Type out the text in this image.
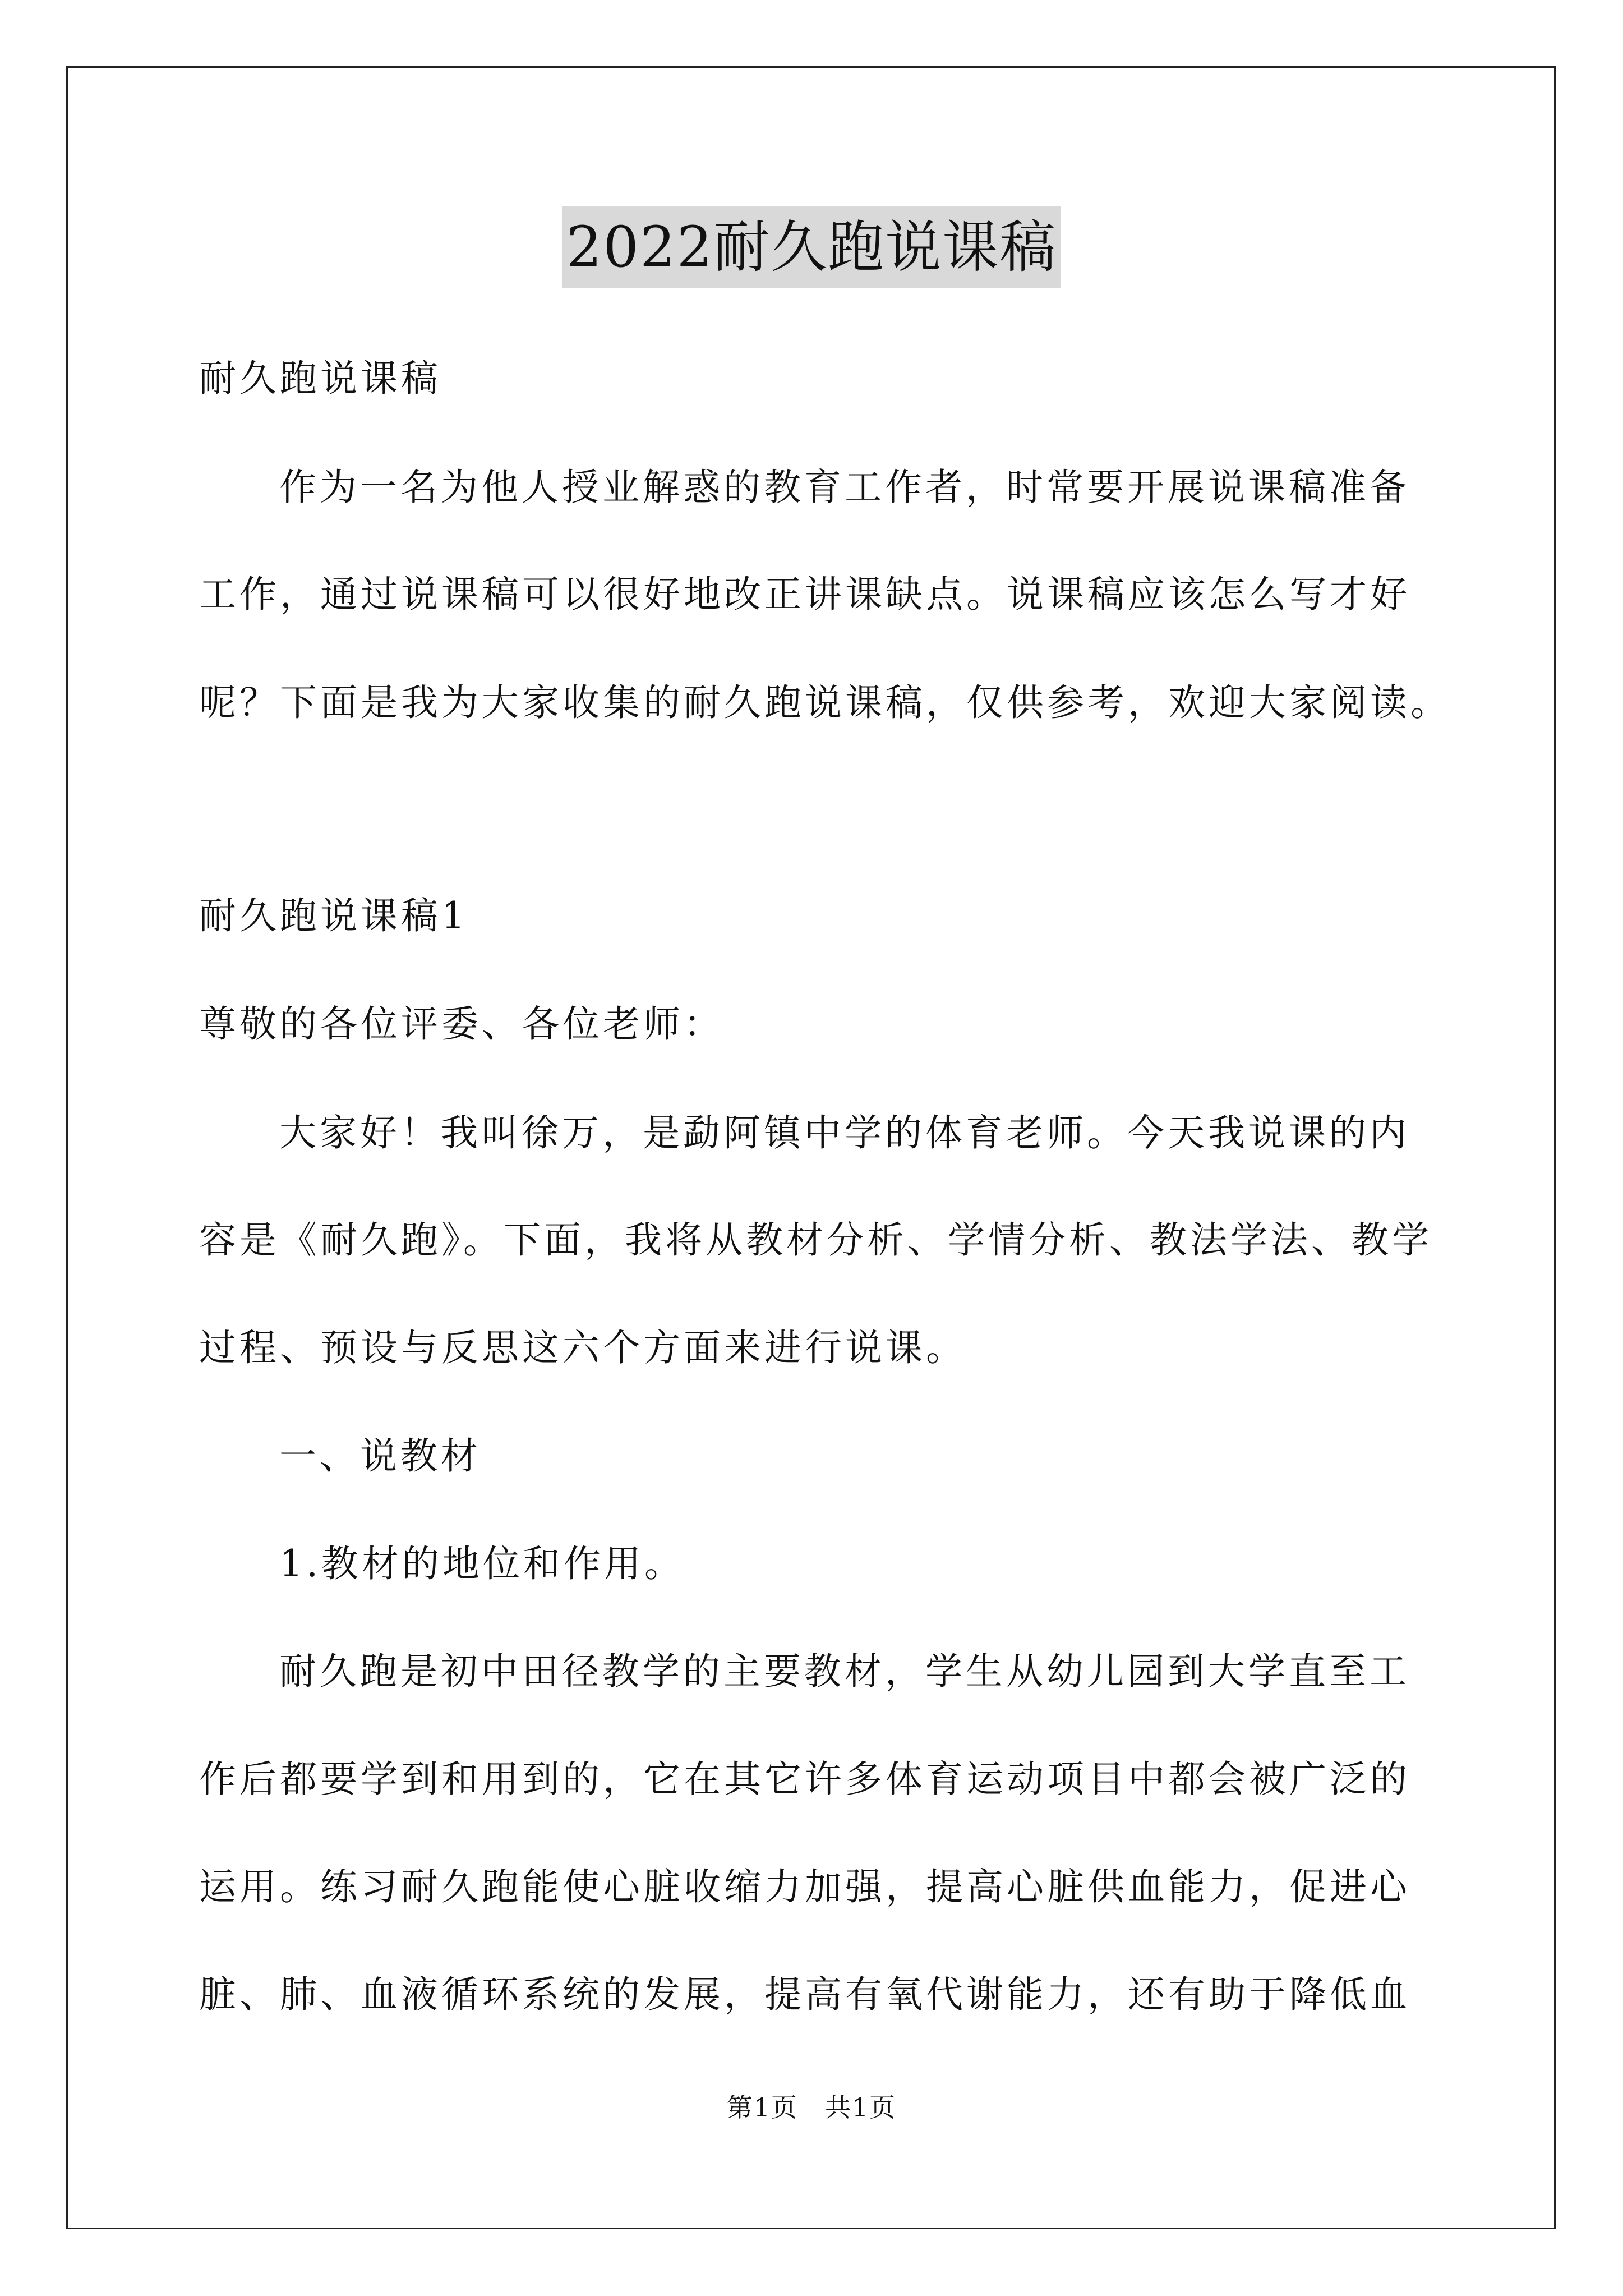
2022耐久跑说课稿
耐久跑说课稿
作为一名为他人授业解惑的教育工作者，时常要开展说课稿准备
工作，通过说课稿可以很好地改正讲课缺点。说课稿应该怎么写才好
呢？下面是我为大家收集的耐久跑说课稿，仅供参考，欢迎大家阅读。
耐久跑说课稿1
尊敬的各位评委、各位老师：
大家好！我叫徐万，是勐阿镇中学的体育老师。今天我说课的内
容是《耐久跑》。下面，我将从教材分析、学情分析、教法学法、教学
过程、预设与反思这六个方面来进行说课。
一、说教材
1.教材的地位和作用。
耐久跑是初中田径教学的主要教材，学生从幼儿园到大学直至工
作后都要学到和用到的，它在其它许多体育运动项目中都会被广泛的
运用。练习耐久跑能使心脏收缩力加强，提高心脏供血能力，促进心
脏、肺、血液循环系统的发展，提高有氧代谢能力，还有助于降低血
第1页　共1页
